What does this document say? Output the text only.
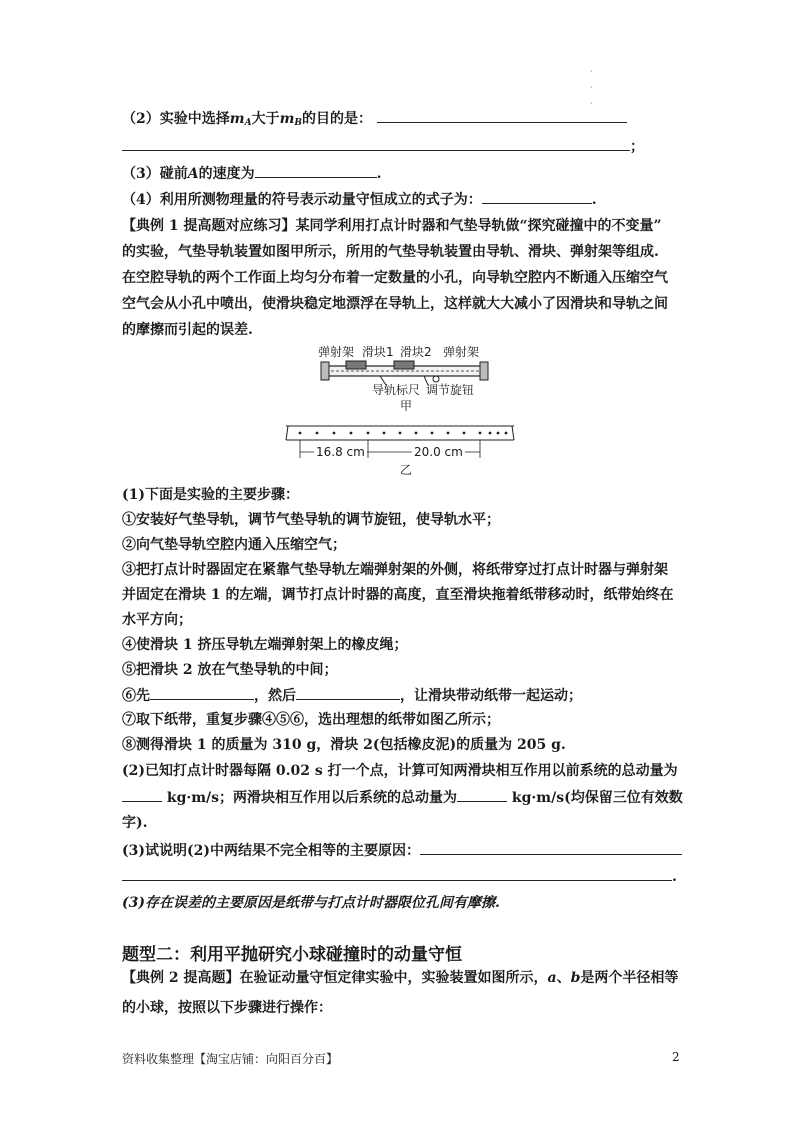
·
·
·
（2）实验中选择$m_A$大于$m_B$的目的是：
；
（3）碰前A的速度为	.
（4）利用所测物理量的符号表示动量守恒成立的式子为：	.
【典例 1 提高题对应练习】某同学利用打点计时器和气垫导轨做“探究碰撞中的不变量”
的实验，气垫导轨装置如图甲所示，所用的气垫导轨装置由导轨、滑块、弹射架等组成.
在空腔导轨的两个工作面上均匀分布着一定数量的小孔，向导轨空腔内不断通入压缩空气
空气会从小孔中喷出，使滑块稳定地漂浮在导轨上，这样就大大减小了因滑块和导轨之间
的摩擦而引起的误差.
弹射架 滑块1 滑块2 弹射架
导轨标尺 调节旋钮
甲
16.8 cm	20.0 cm
乙
(1)下面是实验的主要步骤：
①安装好气垫导轨，调节气垫导轨的调节旋钮，使导轨水平；
②向气垫导轨空腔内通入压缩空气；
③把打点计时器固定在紧靠气垫导轨左端弹射架的外侧，将纸带穿过打点计时器与弹射架
并固定在滑块 1 的左端，调节打点计时器的高度，直至滑块拖着纸带移动时，纸带始终在
水平方向；
④使滑块 1 挤压导轨左端弹射架上的橡皮绳；
⑤把滑块 2 放在气垫导轨的中间；
⑥先	，然后	，让滑块带动纸带一起运动；
⑦取下纸带，重复步骤④⑤⑥，选出理想的纸带如图乙所示；
⑧测得滑块 1 的质量为 310 g，滑块 2(包括橡皮泥)的质量为 205 g.
(2)已知打点计时器每隔 0.02 s 打一个点，计算可知两滑块相互作用以前系统的总动量为
kg·m/s；两滑块相互作用以后系统的总动量为	kg·m/s(均保留三位有效数
字).
(3)试说明(2)中两结果不完全相等的主要原因：
.
(3)存在误差的主要原因是纸带与打点计时器限位孔间有摩擦.
题型二：利用平抛研究小球碰撞时的动量守恒
【典例 2 提高题】在验证动量守恒定律实验中，实验装置如图所示，a、b是两个半径相等
的小球，按照以下步骤进行操作：
资料收集整理【淘宝店铺：向阳百分百】	2
